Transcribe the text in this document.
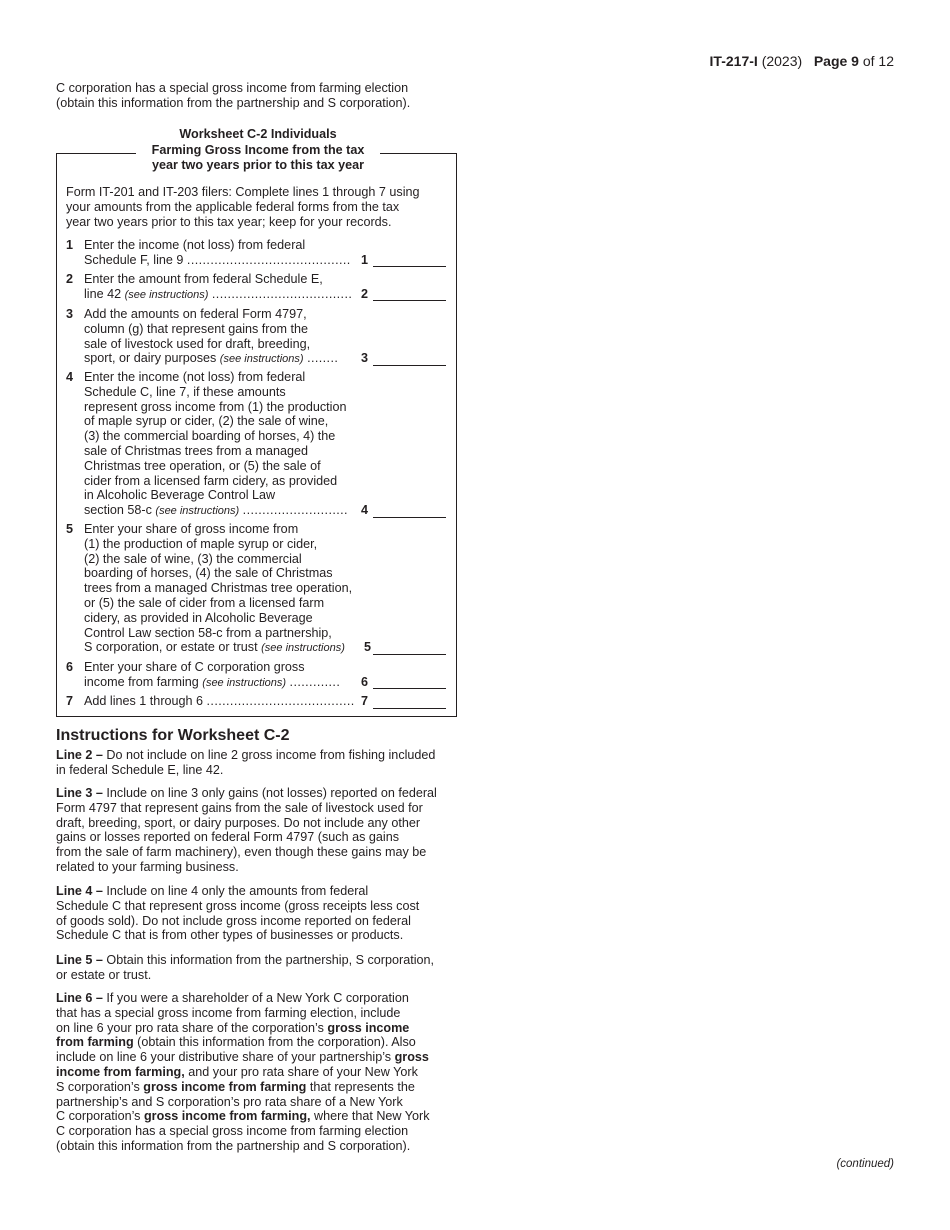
IT-217-I (2023) Page 9 of 12
C corporation has a special gross income from farming election
(obtain this information from the partnership and S corporation).
Worksheet C-2 Individuals
Farming Gross Income from the tax
year two years prior to this tax year
Form IT-201 and IT-203 filers: Complete lines 1 through 7 using
your amounts from the applicable federal forms from the tax
year two years prior to this tax year; keep for your records.
1 Enter the income (not loss) from federal
Schedule F, line 9 .......................................... 1
2 Enter the amount from federal Schedule E,
line 42 (see instructions) .................................... 2
3 Add the amounts on federal Form 4797,
column (g) that represent gains from the
sale of livestock used for draft, breeding,
sport, or dairy purposes (see instructions) ........	3
4 Enter the income (not loss) from federal
Schedule C, line 7, if these amounts
represent gross income from (1) the production
of maple syrup or cider, (2) the sale of wine,
(3) the commercial boarding of horses, 4) the
sale of Christmas trees from a managed
Christmas tree operation, or (5) the sale of
cider from a licensed farm cidery, as provided
in Alcoholic Beverage Control Law
section 58-c (see instructions) ...........................	4
5 Enter your share of gross income from
(1) the production of maple syrup or cider,
(2) the sale of wine, (3) the commercial
boarding of horses, (4) the sale of Christmas
trees from a managed Christmas tree operation,
or (5) the sale of cider from a licensed farm
cidery, as provided in Alcoholic Beverage
Control Law section 58-c from a partnership,
S corporation, or estate or trust (see instructions)	5
6 Enter your share of C corporation gross
income from farming (see instructions) .............	6
7 Add lines 1 through 6 ...................................... 7
Instructions for Worksheet C-2
Line 2 – Do not include on line 2 gross income from fishing included
in federal Schedule E, line 42.
Line 3 – Include on line 3 only gains (not losses) reported on federal
Form 4797 that represent gains from the sale of livestock used for
draft, breeding, sport, or dairy purposes. Do not include any other
gains or losses reported on federal Form 4797 (such as gains
from the sale of farm machinery), even though these gains may be
related to your farming business.
Line 4 – Include on line 4 only the amounts from federal
Schedule C that represent gross income (gross receipts less cost
of goods sold). Do not include gross income reported on federal
Schedule C that is from other types of businesses or products.
Line 5 – Obtain this information from the partnership, S corporation,
or estate or trust.
Line 6 – If you were a shareholder of a New York C corporation
that has a special gross income from farming election, include
on line 6 your pro rata share of the corporation’s gross income
from farming (obtain this information from the corporation). Also
include on line 6 your distributive share of your partnership’s gross
income from farming, and your pro rata share of your New York
S corporation’s gross income from farming that represents the
partnership’s and S corporation’s pro rata share of a New York
C corporation’s gross income from farming, where that New York
C corporation has a special gross income from farming election
(obtain this information from the partnership and S corporation).
(continued)
